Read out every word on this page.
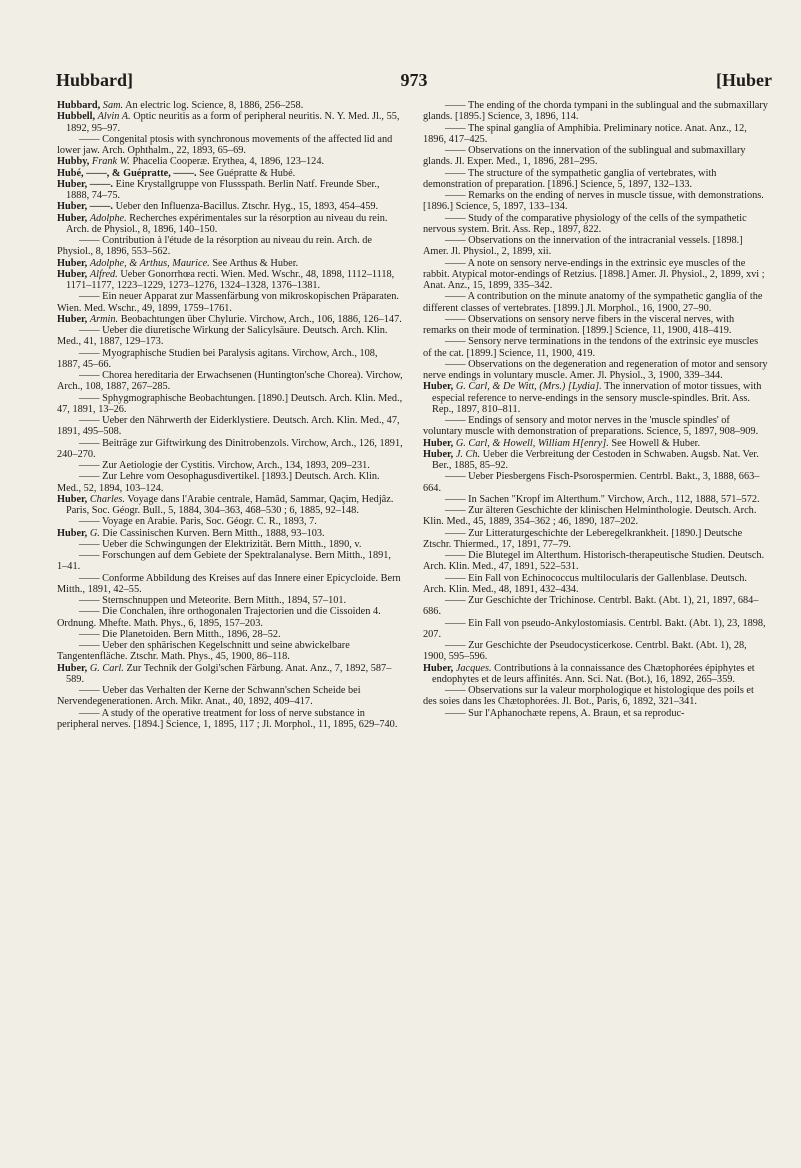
973
Hubbard]	[Huber

Hubbard, Sam. An electric log. Science, 8, 1886, 256–258.

Hubbell, Alvin A. Optic neuritis as a form of peripheral neuritis. N. Y. Med. Jl., 55, 1892, 95–97.

—— Congenital ptosis with synchronous movements of the affected lid and lower jaw. Arch. Ophthalm., 22, 1893, 65–69.

Hubby, Frank W. Phacelia Cooperæ. Erythea, 4, 1896, 123–124.

Hubé, ——, & Guépratte, ——. See Guépratte & Hubé.

Huber, ——. Eine Krystallgruppe von Flussspath. Berlin Natf. Freunde Sber., 1888, 74–75.

Huber, ——. Ueber den Influenza-Bacillus. Ztschr. Hyg., 15, 1893, 454–459.

Huber, Adolphe. Recherches expérimentales sur la résorption au niveau du rein. Arch. de Physiol., 8, 1896, 140–150.

—— Contribution à l'étude de la résorption au niveau du rein. Arch. de Physiol., 8, 1896, 553–562.

Huber, Adolphe, & Arthus, Maurice. See Arthus & Huber.

Huber, Alfred. Ueber Gonorrhœa recti. Wien. Med. Wschr., 48, 1898, 1112–1118, 1171–1177, 1223–1229, 1273–1276, 1324–1328, 1376–1381.

—— Ein neuer Apparat zur Massenfärbung von mikroskopischen Präparaten. Wien. Med. Wschr., 49, 1899, 1759–1761.

Huber, Armin. Beobachtungen über Chylurie. Virchow, Arch., 106, 1886, 126–147.

—— Ueber die diuretische Wirkung der Salicylsäure. Deutsch. Arch. Klin. Med., 41, 1887, 129–173.

—— Myographische Studien bei Paralysis agitans. Virchow, Arch., 108, 1887, 45–66.

—— Chorea hereditaria der Erwachsenen (Huntington'sche Chorea). Virchow, Arch., 108, 1887, 267–285.

—— Sphygmographische Beobachtungen. [1890.] Deutsch. Arch. Klin. Med., 47, 1891, 13–26.

—— Ueber den Nährwerth der Eiderklystiere. Deutsch. Arch. Klin. Med., 47, 1891, 495–508.

—— Beiträge zur Giftwirkung des Dinitrobenzols. Virchow, Arch., 126, 1891, 240–270.

—— Zur Aetiologie der Cystitis. Virchow, Arch., 134, 1893, 209–231.

—— Zur Lehre vom Oesophagusdivertikel. [1893.] Deutsch. Arch. Klin. Med., 52, 1894, 103–124.

Huber, Charles. Voyage dans l'Arabie centrale, Hamâd, Sammar, Qaçim, Hedjâz. Paris, Soc. Géogr. Bull., 5, 1884, 304–363, 468–530 ; 6, 1885, 92–148.

—— Voyage en Arabie. Paris, Soc. Géogr. C. R., 1893, 7.

Huber, G. Die Cassinischen Kurven. Bern Mitth., 1888, 93–103.

—— Ueber die Schwingungen der Elektrizität. Bern Mitth., 1890, v.

—— Forschungen auf dem Gebiete der Spektralanalyse. Bern Mitth., 1891, 1–41.

—— Conforme Abbildung des Kreises auf das Innere einer Epicycloide. Bern Mitth., 1891, 42–55.

—— Sternschnuppen und Meteorite. Bern Mitth., 1894, 57–101.

—— Die Conchalen, ihre orthogonalen Trajectorien und die Cissoiden 4. Ordnung. Mhefte. Math. Phys., 6, 1895, 157–203.

—— Die Planetoiden. Bern Mitth., 1896, 28–52.

—— Ueber den sphärischen Kegelschnitt und seine abwickelbare Tangentenfläche. Ztschr. Math. Phys., 45, 1900, 86–118.

Huber, G. Carl. Zur Technik der Golgi'schen Färbung. Anat. Anz., 7, 1892, 587–589.

—— Ueber das Verhalten der Kerne der Schwann'schen Scheide bei Nervendegenerationen. Arch. Mikr. Anat., 40, 1892, 409–417.

—— A study of the operative treatment for loss of nerve substance in peripheral nerves. [1894.] Science, 1, 1895, 117 ; Jl. Morphol., 11, 1895, 629–740.

—— The ending of the chorda tympani in the sublingual and the submaxillary glands. [1895.] Science, 3, 1896, 114.

—— The spinal ganglia of Amphibia. Preliminary notice. Anat. Anz., 12, 1896, 417–425.

—— Observations on the innervation of the sublingual and submaxillary glands. Jl. Exper. Med., 1, 1896, 281–295.

—— The structure of the sympathetic ganglia of vertebrates, with demonstration of preparation. [1896.] Science, 5, 1897, 132–133.

—— Remarks on the ending of nerves in muscle tissue, with demonstrations. [1896.] Science, 5, 1897, 133–134.

—— Study of the comparative physiology of the cells of the sympathetic nervous system. Brit. Ass. Rep., 1897, 822.

—— Observations on the innervation of the intracranial vessels. [1898.] Amer. Jl. Physiol., 2, 1899, xii.

—— A note on sensory nerve-endings in the extrinsic eye muscles of the rabbit. Atypical motor-endings of Retzius. [1898.] Amer. Jl. Physiol., 2, 1899, xvi ; Anat. Anz., 15, 1899, 335–342.

—— A contribution on the minute anatomy of the sympathetic ganglia of the different classes of vertebrates. [1899.] Jl. Morphol., 16, 1900, 27–90.

—— Observations on sensory nerve fibers in the visceral nerves, with remarks on their mode of termination. [1899.] Science, 11, 1900, 418–419.

—— Sensory nerve terminations in the tendons of the extrinsic eye muscles of the cat. [1899.] Science, 11, 1900, 419.

—— Observations on the degeneration and regeneration of motor and sensory nerve endings in voluntary muscle. Amer. Jl. Physiol., 3, 1900, 339–344.

Huber, G. Carl, & De Witt, (Mrs.) [Lydia]. The innervation of motor tissues, with especial reference to nerve-endings in the sensory muscle-spindles. Brit. Ass. Rep., 1897, 810–811.

—— Endings of sensory and motor nerves in the 'muscle spindles' of voluntary muscle with demonstration of preparations. Science, 5, 1897, 908–909.

Huber, G. Carl, & Howell, William H[enry]. See Howell & Huber.

Huber, J. Ch. Ueber die Verbreitung der Cestoden in Schwaben. Augsb. Nat. Ver. Ber., 1885, 85–92.

—— Ueber Piesbergens Fisch-Psorospermien. Centrbl. Bakt., 3, 1888, 663–664.

—— In Sachen "Kropf im Alterthum." Virchow, Arch., 112, 1888, 571–572.

—— Zur älteren Geschichte der klinischen Helminthologie. Deutsch. Arch. Klin. Med., 45, 1889, 354–362 ; 46, 1890, 187–202.

—— Zur Litteraturgeschichte der Leberegelkrankheit. [1890.] Deutsche Ztschr. Thiermed., 17, 1891, 77–79.

—— Die Blutegel im Alterthum. Historisch-therapeutische Studien. Deutsch. Arch. Klin. Med., 47, 1891, 522–531.

—— Ein Fall von Echinococcus multilocularis der Gallenblase. Deutsch. Arch. Klin. Med., 48, 1891, 432–434.

—— Zur Geschichte der Trichinose. Centrbl. Bakt. (Abt. 1), 21, 1897, 684–686.

—— Ein Fall von pseudo-Ankylostomiasis. Centrbl. Bakt. (Abt. 1), 23, 1898, 207.

—— Zur Geschichte der Pseudocysticerkose. Centrbl. Bakt. (Abt. 1), 28, 1900, 595–596.

Huber, Jacques. Contributions à la connaissance des Chætophorées épiphytes et endophytes et de leurs affinités. Ann. Sci. Nat. (Bot.), 16, 1892, 265–359.

—— Observations sur la valeur morphologique et histologique des poils et des soies dans les Chætophorées. Jl. Bot., Paris, 6, 1892, 321–341.

—— Sur l'Aphanochæte repens, A. Braun, et sa reproduc-
